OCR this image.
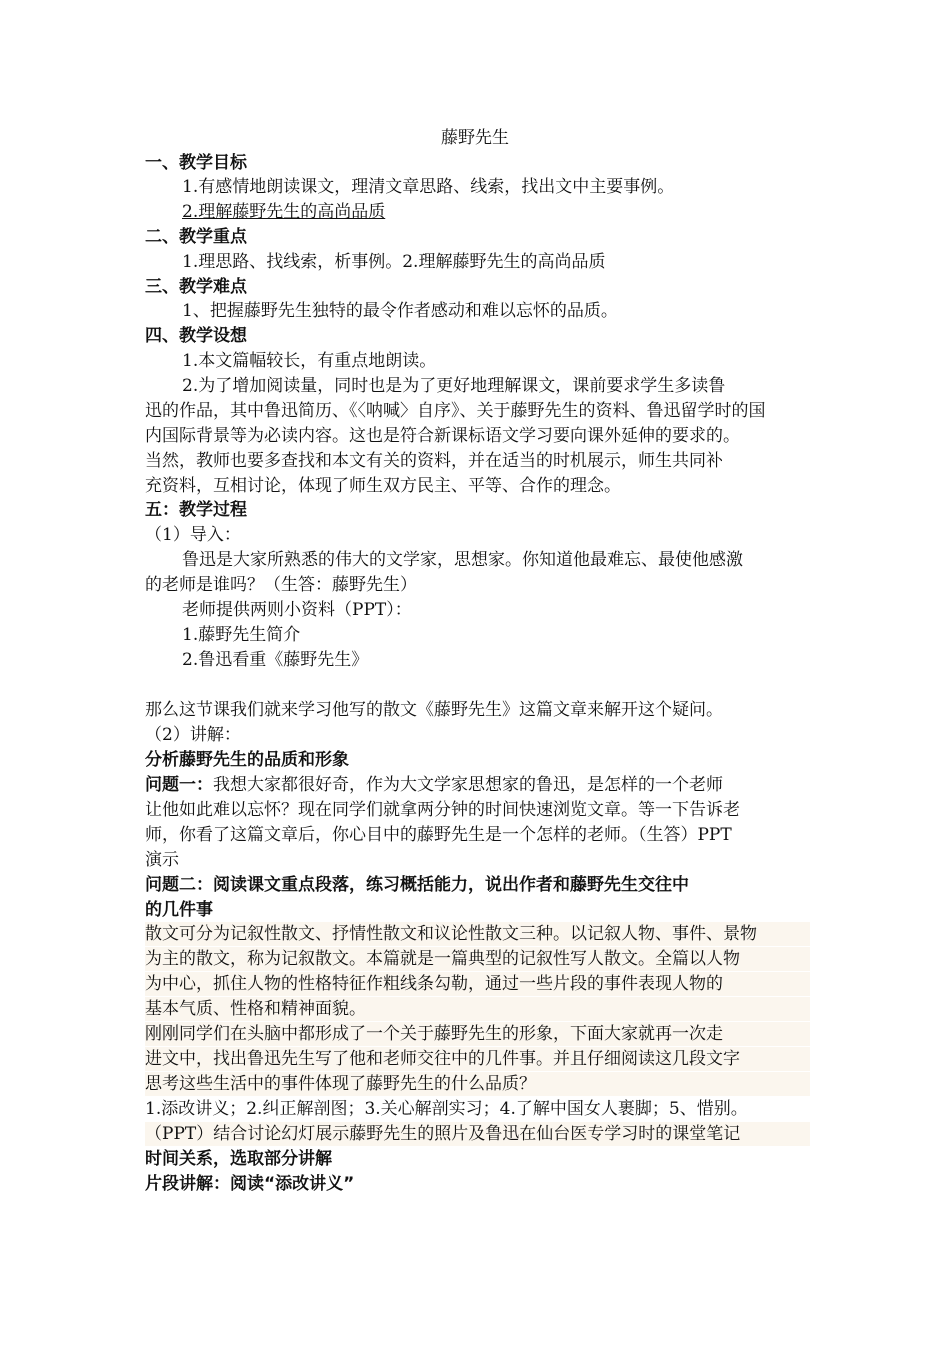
藤野先生
一、教学目标
1.有感情地朗读课文，理清文章思路、线索，找出文中主要事例。
2.理解藤野先生的高尚品质
二、教学重点
1.理思路、找线索，析事例。2.理解藤野先生的高尚品质
三、教学难点
1、把握藤野先生独特的最令作者感动和难以忘怀的品质。
四、教学设想
1.本文篇幅较长，有重点地朗读。
2.为了增加阅读量，同时也是为了更好地理解课文，课前要求学生多读鲁
迅的作品，其中鲁迅简历、《〈呐喊〉自序》、关于藤野先生的资料、鲁迅留学时的国
内国际背景等为必读内容。这也是符合新课标语文学习要向课外延伸的要求的。
当然，教师也要多查找和本文有关的资料，并在适当的时机展示，师生共同补
充资料，互相讨论，体现了师生双方民主、平等、合作的理念。
五：教学过程
（1）导入：
鲁迅是大家所熟悉的伟大的文学家，思想家。你知道他最难忘、最使他感激
的老师是谁吗？（生答：藤野先生）
老师提供两则小资料（PPT）：
1.藤野先生简介
2.鲁迅看重《藤野先生》
那么这节课我们就来学习他写的散文《藤野先生》这篇文章来解开这个疑问。
（2）讲解：
分析藤野先生的品质和形象
问题一：我想大家都很好奇，作为大文学家思想家的鲁迅，是怎样的一个老师
让他如此难以忘怀？现在同学们就拿两分钟的时间快速浏览文章。等一下告诉老
师，你看了这篇文章后，你心目中的藤野先生是一个怎样的老师。（生答）PPT
演示
问题二：阅读课文重点段落，练习概括能力，说出作者和藤野先生交往中
的几件事
散文可分为记叙性散文、抒情性散文和议论性散文三种。以记叙人物、事件、景物
为主的散文，称为记叙散文。本篇就是一篇典型的记叙性写人散文。全篇以人物
为中心，抓住人物的性格特征作粗线条勾勒，通过一些片段的事件表现人物的
基本气质、性格和精神面貌。
刚刚同学们在头脑中都形成了一个关于藤野先生的形象，下面大家就再一次走
进文中，找出鲁迅先生写了他和老师交往中的几件事。并且仔细阅读这几段文字
思考这些生活中的事件体现了藤野先生的什么品质？
1.添改讲义；2.纠正解剖图；3.关心解剖实习；4.了解中国女人裹脚；5、惜别。
（PPT）结合讨论幻灯展示藤野先生的照片及鲁迅在仙台医专学习时的课堂笔记
时间关系，选取部分讲解
片段讲解：阅读“添改讲义”
